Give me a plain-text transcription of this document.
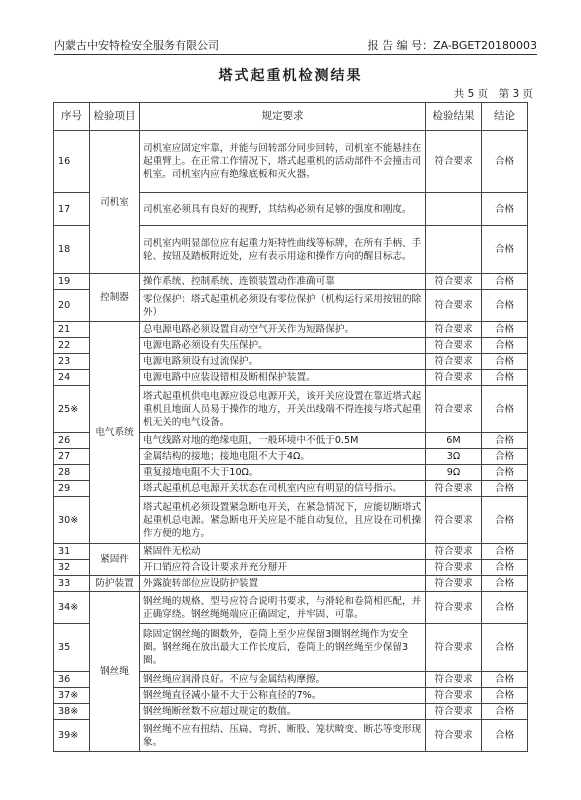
内蒙古中安特检安全服务有限公司	报 告 编 号：ZA-BGET20180003
塔式起重机检测结果
共 5 页　第 3 页
序号	检验项目	规定要求	检验结果	结论
16	司机室	司机室应固定牢靠，并能与回转部分同步回转，司机室不能悬挂在起重臂上。在正常工作情况下，塔式起重机的活动部件不会撞击司机室。司机室内应有绝缘底板和灭火器。	符合要求	合格
17		司机室必须具有良好的视野，其结构必须有足够的强度和刚度。		合格
18		司机室内明显部位应有起重力矩特性曲线等标牌，在所有手柄、手轮、按钮及踏板附近处，应有表示用途和操作方向的醒目标志。		合格
19	控制器	操作系统、控制系统、连锁装置动作准确可靠	符合要求	合格
20		零位保护：塔式起重机必须设有零位保护（机构运行采用按钮的除外）	符合要求	合格
21	电气系统	总电源电路必须设置自动空气开关作为短路保护。	符合要求	合格
22		电源电路必须设有失压保护。	符合要求	合格
23		电源电路须设有过流保护。	符合要求	合格
24		电源电路中应装设错相及断相保护装置。	符合要求	合格
25※		塔式起重机供电电源应设总电源开关，该开关应设置在靠近塔式起重机且地面人员易于操作的地方，开关出线端不得连接与塔式起重机无关的电气设备。	符合要求	合格
26		电气线路对地的绝缘电阻，一般环境中不低于0.5M	6M	合格
27		金属结构的接地；接地电阻不大于4Ω。	3Ω	合格
28		重复接地电阻不大于10Ω。	9Ω	合格
29		塔式起重机总电源开关状态在司机室内应有明显的信号指示。	符合要求	合格
30※		塔式起重机必须设置紧急断电开关，在紧急情况下，应能切断塔式起重机总电源。紧急断电开关应是不能自动复位，且应设在司机操作方便的地方。	符合要求	合格
31	紧固件	紧固件无松动	符合要求	合格
32		开口销应符合设计要求并充分掰开	符合要求	合格
33	防护装置	外露旋转部位应设防护装置	符合要求	合格
34※	钢丝绳	钢丝绳的规格、型号应符合说明书要求，与滑轮和卷筒相匹配，并正确穿绕。钢丝绳绳端应正确固定，并牢固、可靠。	符合要求	合格
35		除固定钢丝绳的圈数外，卷筒上至少应保留3圈钢丝绳作为安全圈。钢丝绳在放出最大工作长度后，卷筒上的钢丝绳至少保留3圈。	符合要求	合格
36		钢丝绳应润滑良好。不应与金属结构摩擦。	符合要求	合格
37※		钢丝绳直径减小量不大于公称直径的7%。	符合要求	合格
38※		钢丝绳断丝数不应超过规定的数值。	符合要求	合格
39※		钢丝绳不应有扭结、压扁、弯折、断股、笼状畸变、断芯等变形现象。	符合要求	合格
